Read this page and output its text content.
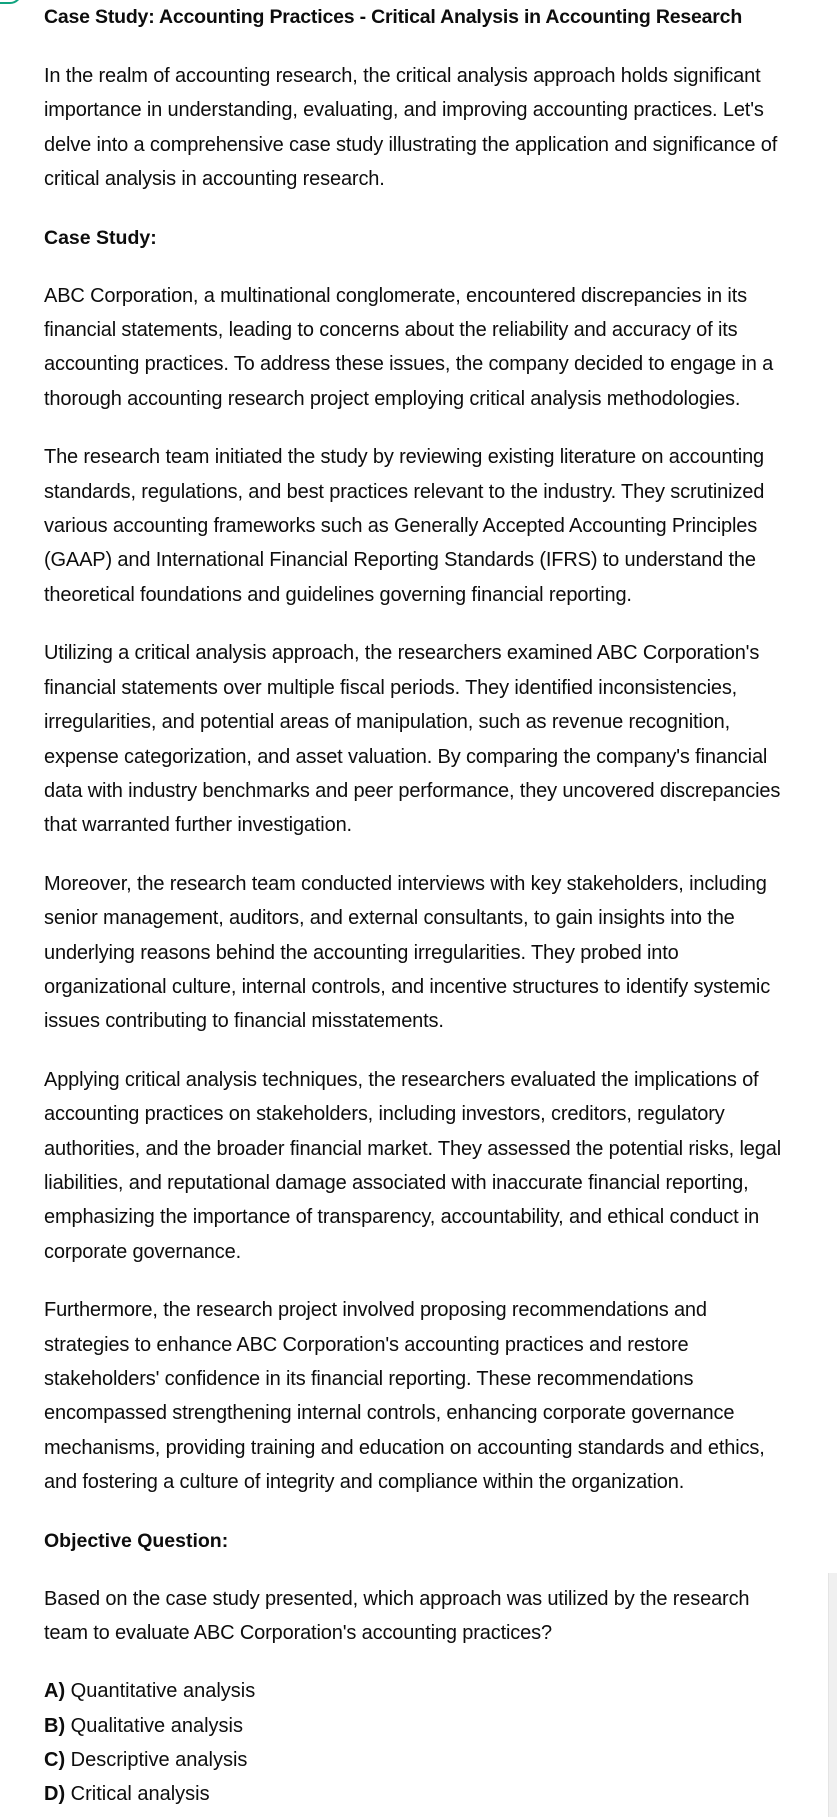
Case Study: Accounting Practices - Critical Analysis in Accounting Research

In the realm of accounting research, the critical analysis approach holds significant importance in understanding, evaluating, and improving accounting practices. Let's delve into a comprehensive case study illustrating the application and significance of critical analysis in accounting research.

Case Study:

ABC Corporation, a multinational conglomerate, encountered discrepancies in its financial statements, leading to concerns about the reliability and accuracy of its accounting practices. To address these issues, the company decided to engage in a thorough accounting research project employing critical analysis methodologies.

The research team initiated the study by reviewing existing literature on accounting standards, regulations, and best practices relevant to the industry. They scrutinized various accounting frameworks such as Generally Accepted Accounting Principles (GAAP) and International Financial Reporting Standards (IFRS) to understand the theoretical foundations and guidelines governing financial reporting.

Utilizing a critical analysis approach, the researchers examined ABC Corporation's financial statements over multiple fiscal periods. They identified inconsistencies, irregularities, and potential areas of manipulation, such as revenue recognition, expense categorization, and asset valuation. By comparing the company's financial data with industry benchmarks and peer performance, they uncovered discrepancies that warranted further investigation.

Moreover, the research team conducted interviews with key stakeholders, including senior management, auditors, and external consultants, to gain insights into the underlying reasons behind the accounting irregularities. They probed into organizational culture, internal controls, and incentive structures to identify systemic issues contributing to financial misstatements.

Applying critical analysis techniques, the researchers evaluated the implications of accounting practices on stakeholders, including investors, creditors, regulatory authorities, and the broader financial market. They assessed the potential risks, legal liabilities, and reputational damage associated with inaccurate financial reporting, emphasizing the importance of transparency, accountability, and ethical conduct in corporate governance.

Furthermore, the research project involved proposing recommendations and strategies to enhance ABC Corporation's accounting practices and restore stakeholders' confidence in its financial reporting. These recommendations encompassed strengthening internal controls, enhancing corporate governance mechanisms, providing training and education on accounting standards and ethics, and fostering a culture of integrity and compliance within the organization.

Objective Question:

Based on the case study presented, which approach was utilized by the research team to evaluate ABC Corporation's accounting practices?

A) Quantitative analysis
B) Qualitative analysis
C) Descriptive analysis
D) Critical analysis
